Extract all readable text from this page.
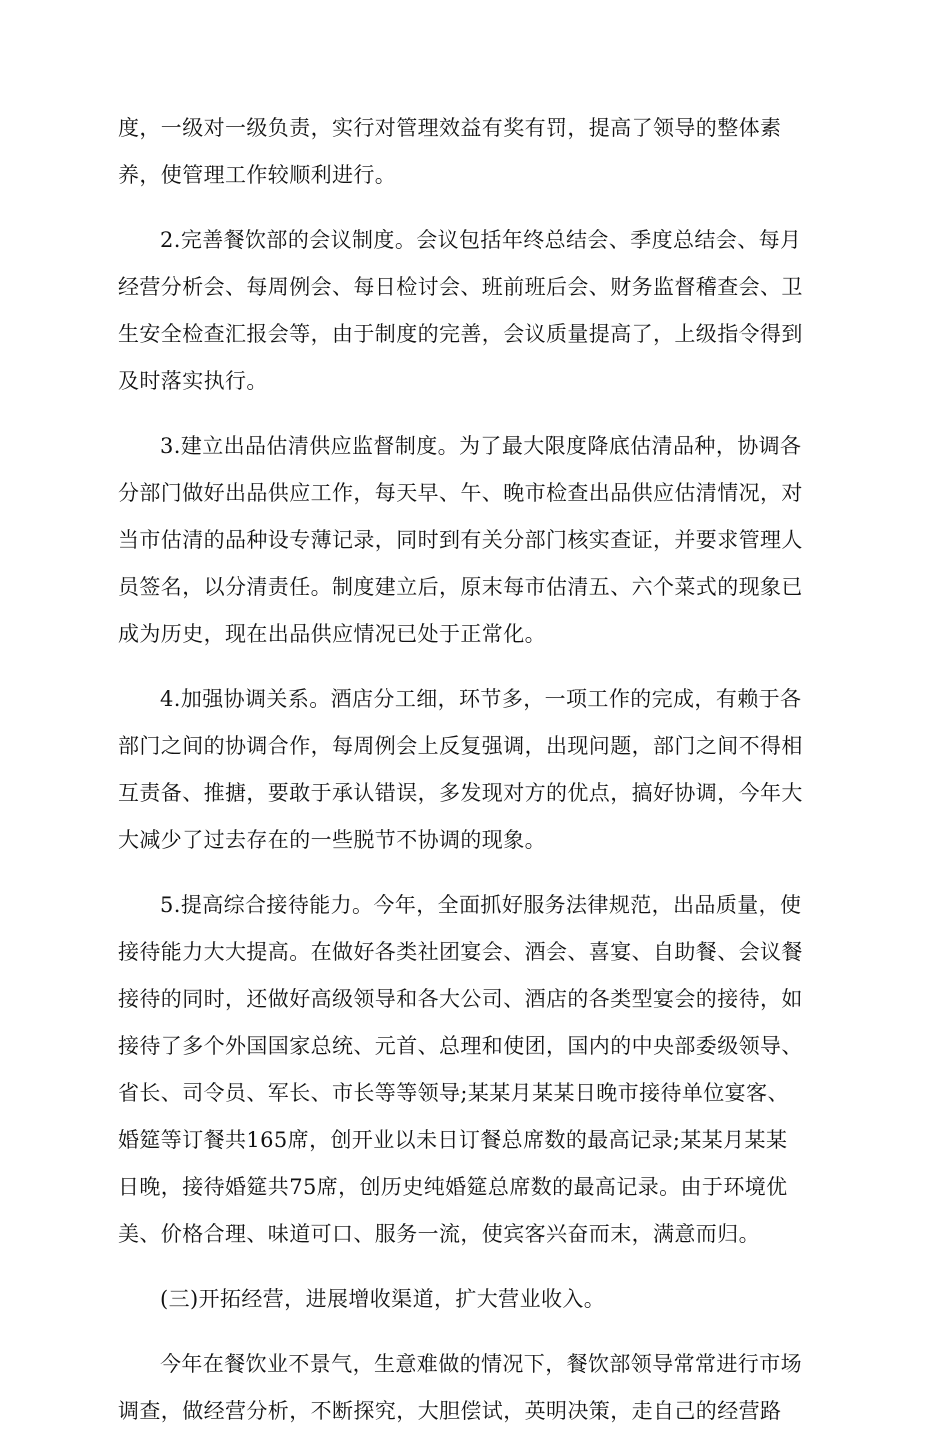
度，一级对一级负责，实行对管理效益有奖有罚，提高了领导的整体素
养，使管理工作较顺利进行。
2.完善餐饮部的会议制度。会议包括年终总结会、季度总结会、每月
经营分析会、每周例会、每日检讨会、班前班后会、财务监督稽查会、卫
生安全检查汇报会等，由于制度的完善，会议质量提高了，上级指令得到
及时落实执行。
3.建立出品估清供应监督制度。为了最大限度降底估清品种，协调各
分部门做好出品供应工作，每天早、午、晚市检查出品供应估清情况，对
当市估清的品种设专薄记录，同时到有关分部门核实查证，并要求管理人
员签名，以分清责任。制度建立后，原末每市估清五、六个菜式的现象已
成为历史，现在出品供应情况已处于正常化。
4.加强协调关系。酒店分工细，环节多，一项工作的完成，有赖于各
部门之间的协调合作，每周例会上反复强调，出现问题，部门之间不得相
互责备、推搪，要敢于承认错误，多发现对方的优点，搞好协调，今年大
大减少了过去存在的一些脱节不协调的现象。
5.提高综合接待能力。今年，全面抓好服务法律规范，出品质量，使
接待能力大大提高。在做好各类社团宴会、酒会、喜宴、自助餐、会议餐
接待的同时，还做好高级领导和各大公司、酒店的各类型宴会的接待，如
接待了多个外国国家总统、元首、总理和使团，国内的中央部委级领导、
省长、司令员、军长、市长等等领导;某某月某某日晚市接待单位宴客、
婚筵等订餐共165席，创开业以未日订餐总席数的最高记录;某某月某某
日晚，接待婚筵共75席，创历史纯婚筵总席数的最高记录。由于环境优
美、价格合理、味道可口、服务一流，使宾客兴奋而末，满意而归。
(三)开拓经营，进展增收渠道，扩大营业收入。
今年在餐饮业不景气，生意难做的情况下，餐饮部领导常常进行市场
调查，做经营分析，不断探究，大胆偿试，英明决策，走自己的经营路
